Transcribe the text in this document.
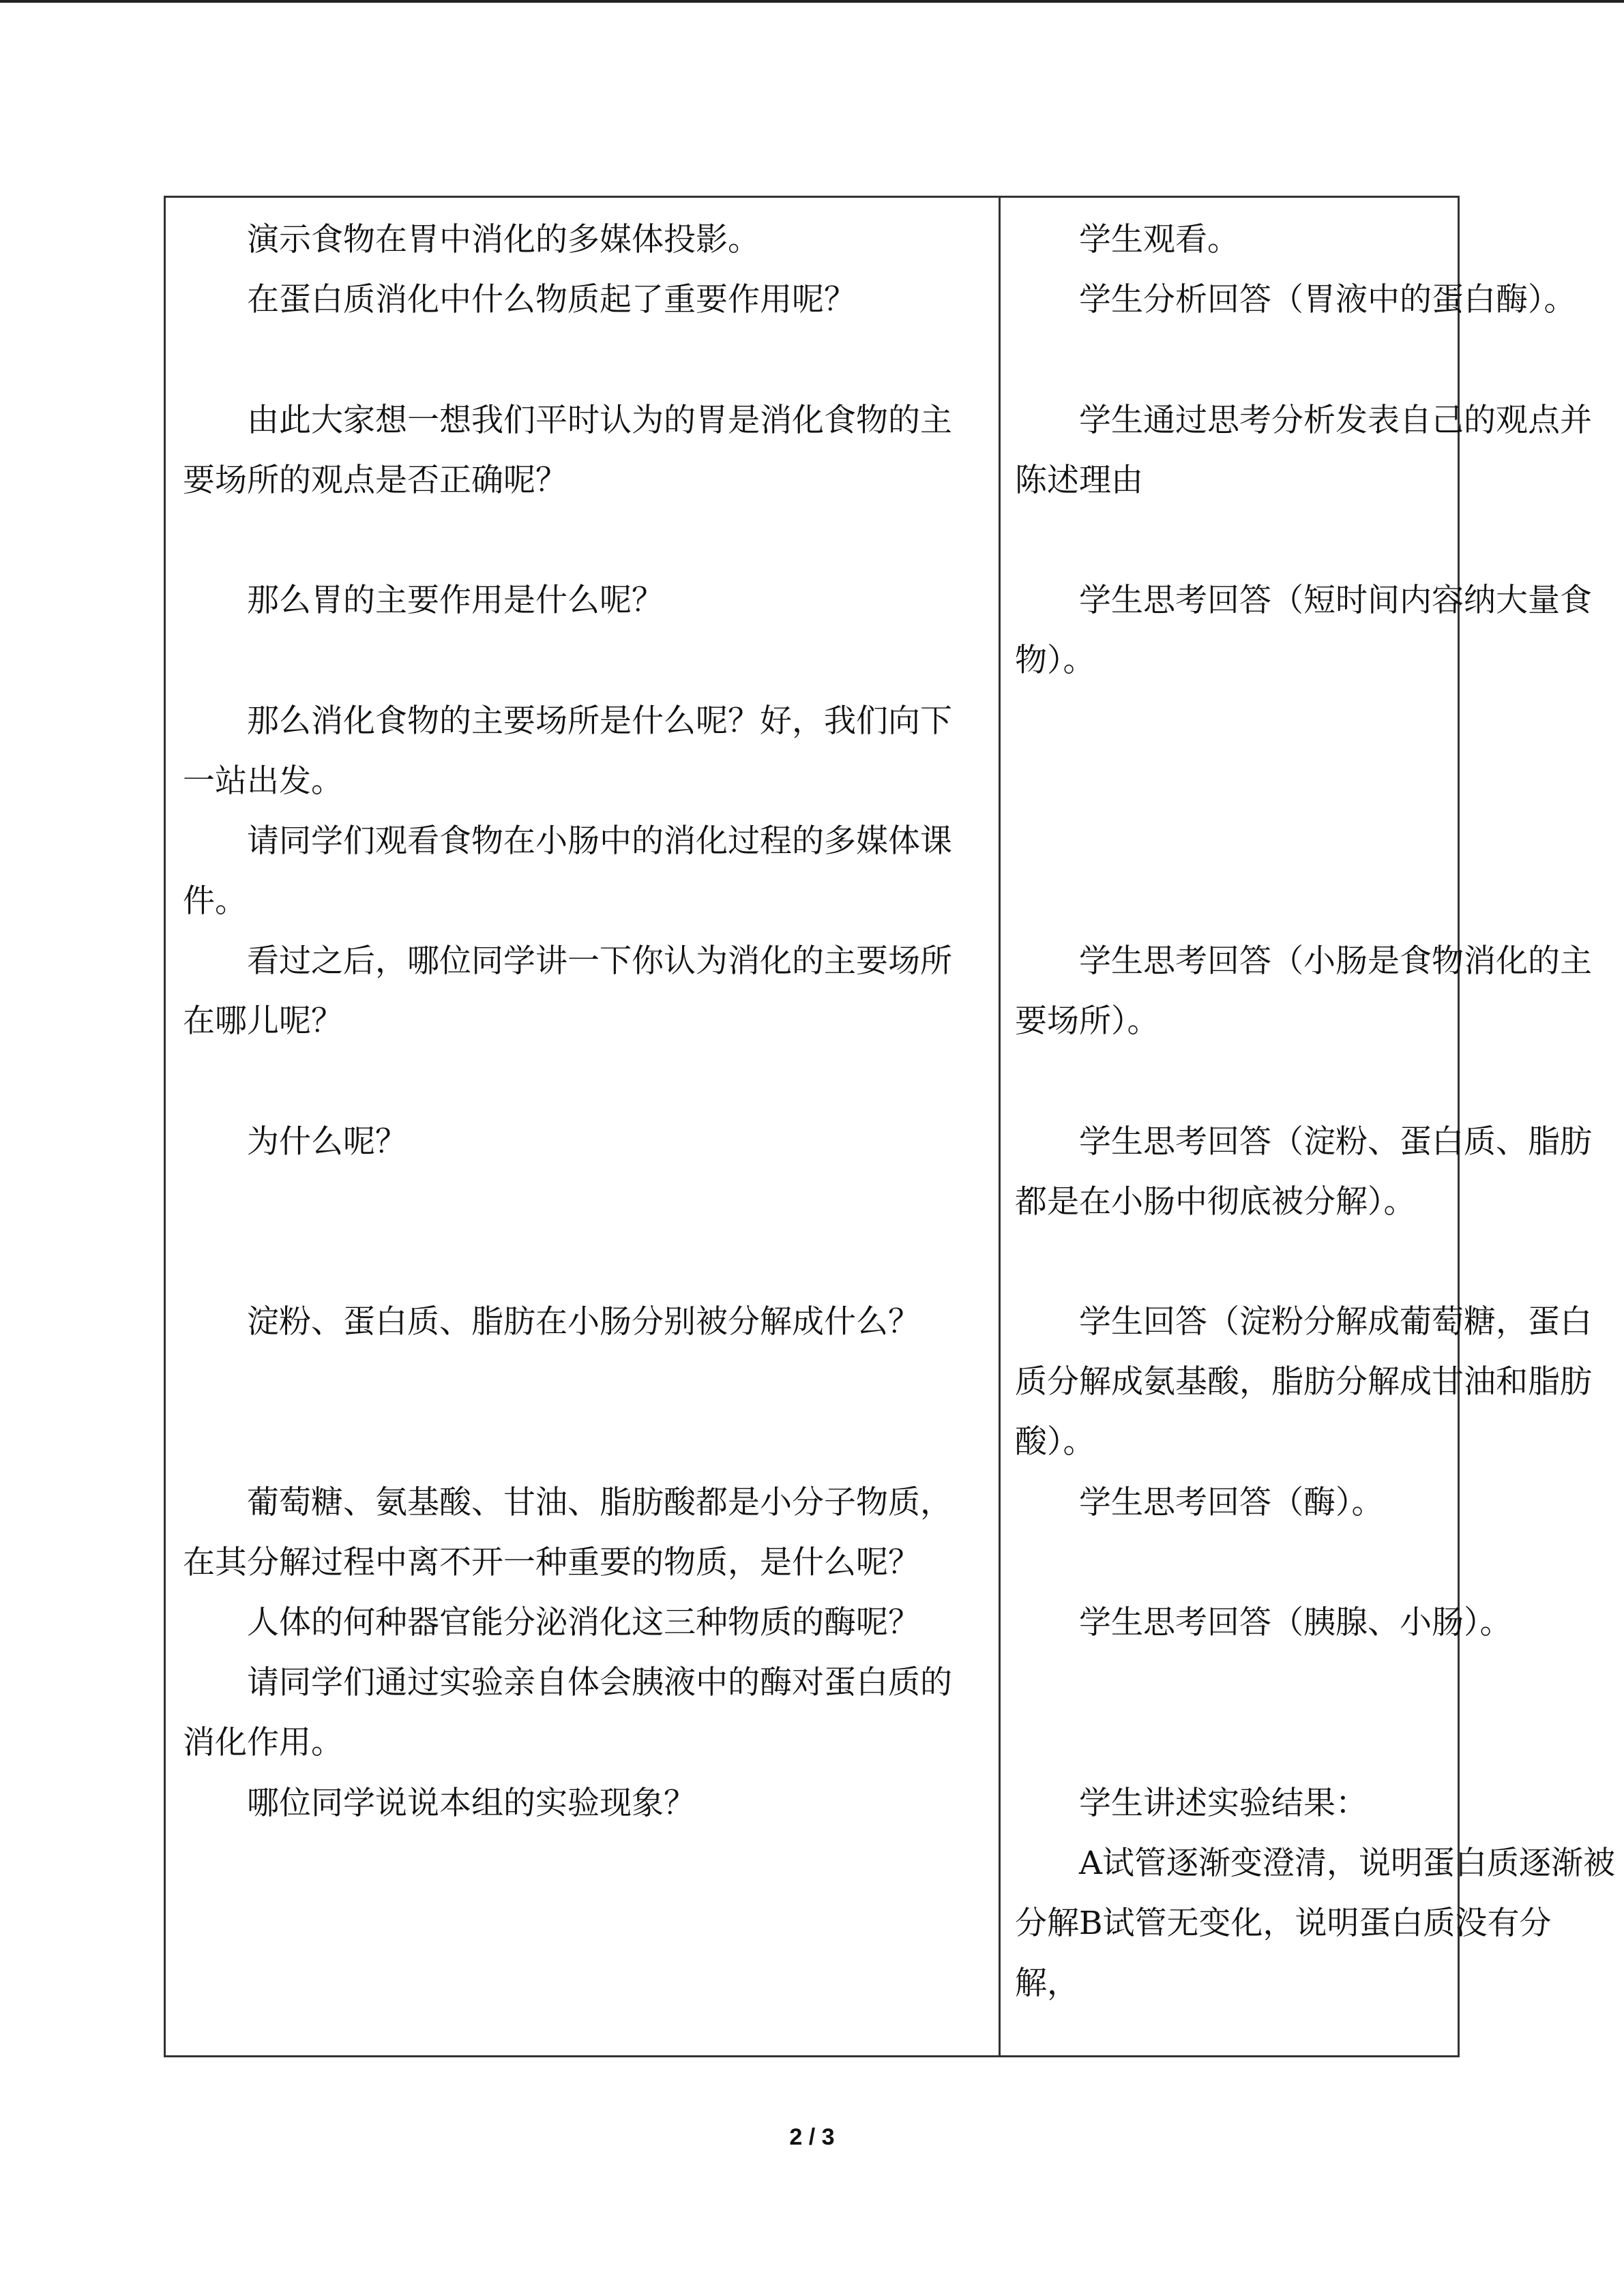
演示食物在胃中消化的多媒体投影。

在蛋白质消化中什么物质起了重要作用呢？

由此大家想一想我们平时认为的胃是消化食物的主要场所的观点是否正确呢？

那么胃的主要作用是什么呢？

那么消化食物的主要场所是什么呢？好，我们向下一站出发。

请同学们观看食物在小肠中的消化过程的多媒体课件。

看过之后，哪位同学讲一下你认为消化的主要场所在哪儿呢？

为什么呢？

淀粉、蛋白质、脂肪在小肠分别被分解成什么？

葡萄糖、氨基酸、甘油、脂肪酸都是小分子物质，在其分解过程中离不开一种重要的物质，是什么呢？

人体的何种器官能分泌消化这三种物质的酶呢？

请同学们通过实验亲自体会胰液中的酶对蛋白质的消化作用。

哪位同学说说本组的实验现象？

学生观看。

学生分析回答（胃液中的蛋白酶）。

学生通过思考分析发表自己的观点并陈述理由

学生思考回答（短时间内容纳大量食物）。

学生思考回答（小肠是食物消化的主要场所）。

学生思考回答（淀粉、蛋白质、脂肪都是在小肠中彻底被分解）。

学生回答（淀粉分解成葡萄糖，蛋白质分解成氨基酸，脂肪分解成甘油和脂肪酸）。

学生思考回答（酶）。

学生思考回答（胰腺、小肠）。

学生讲述实验结果：

A试管逐渐变澄清，说明蛋白质逐渐被分解B试管无变化，说明蛋白质没有分解，

2 / 3
